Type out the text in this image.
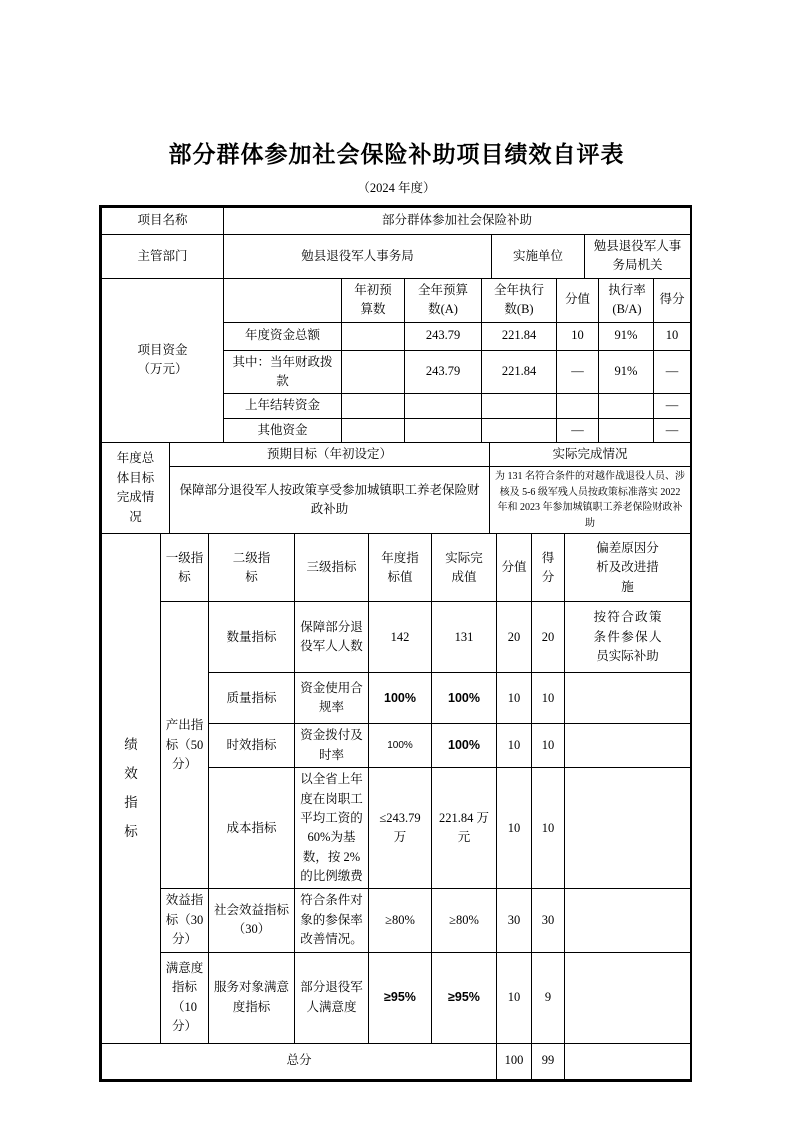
部分群体参加社会保险补助项目绩效自评表
（2024 年度）
项目名称	部分群体参加社会保险补助		
主管部门	勉县退役军人事务局	实施单位	勉县退役军人事务局机关
项目资金（万元）		年初预算数	全年预算数(A)	全年执行数(B)	分值	执行率(B/A)	得分
	年度资金总额		243.79	221.84	10	91%	10
	其中：当年财政拨款		243.79	221.84	—	91%	—
	上年结转资金						—
	其他资金				—		—
年度总体目标完成情况	预期目标（年初设定）	实际完成情况
	保障部分退役军人按政策享受参加城镇职工养老保险财政补助	为 131 名符合条件的对越作战退役人员、涉核及 5-6 级军残人员按政策标准落实 2022 年和 2023 年参加城镇职工养老保险财政补助
绩效指标	一级指标	二级指标	三级指标	年度指标值	实际完成值	分值	得分	偏差原因分析及改进措施
	产出指标（50分）	数量指标	保障部分退役军人人数	142	131	20	20	按符合政策条件参保人员实际补助
		质量指标	资金使用合规率	100%	100%	10	10	
		时效指标	资金拨付及时率	100%	100%	10	10	
		成本指标	以全省上年度在岗职工平均工资的 60%为基数，按 2%的比例缴费	≤243.79 万	221.84 万元	10	10	
	效益指标（30分）	社会效益指标（30）	符合条件对象的参保率改善情况。	≥80%	≥80%	30	30	
	满意度指标（10分）	服务对象满意度指标	部分退役军人满意度	≥95%	≥95%	10	9	
总分	100	99	
